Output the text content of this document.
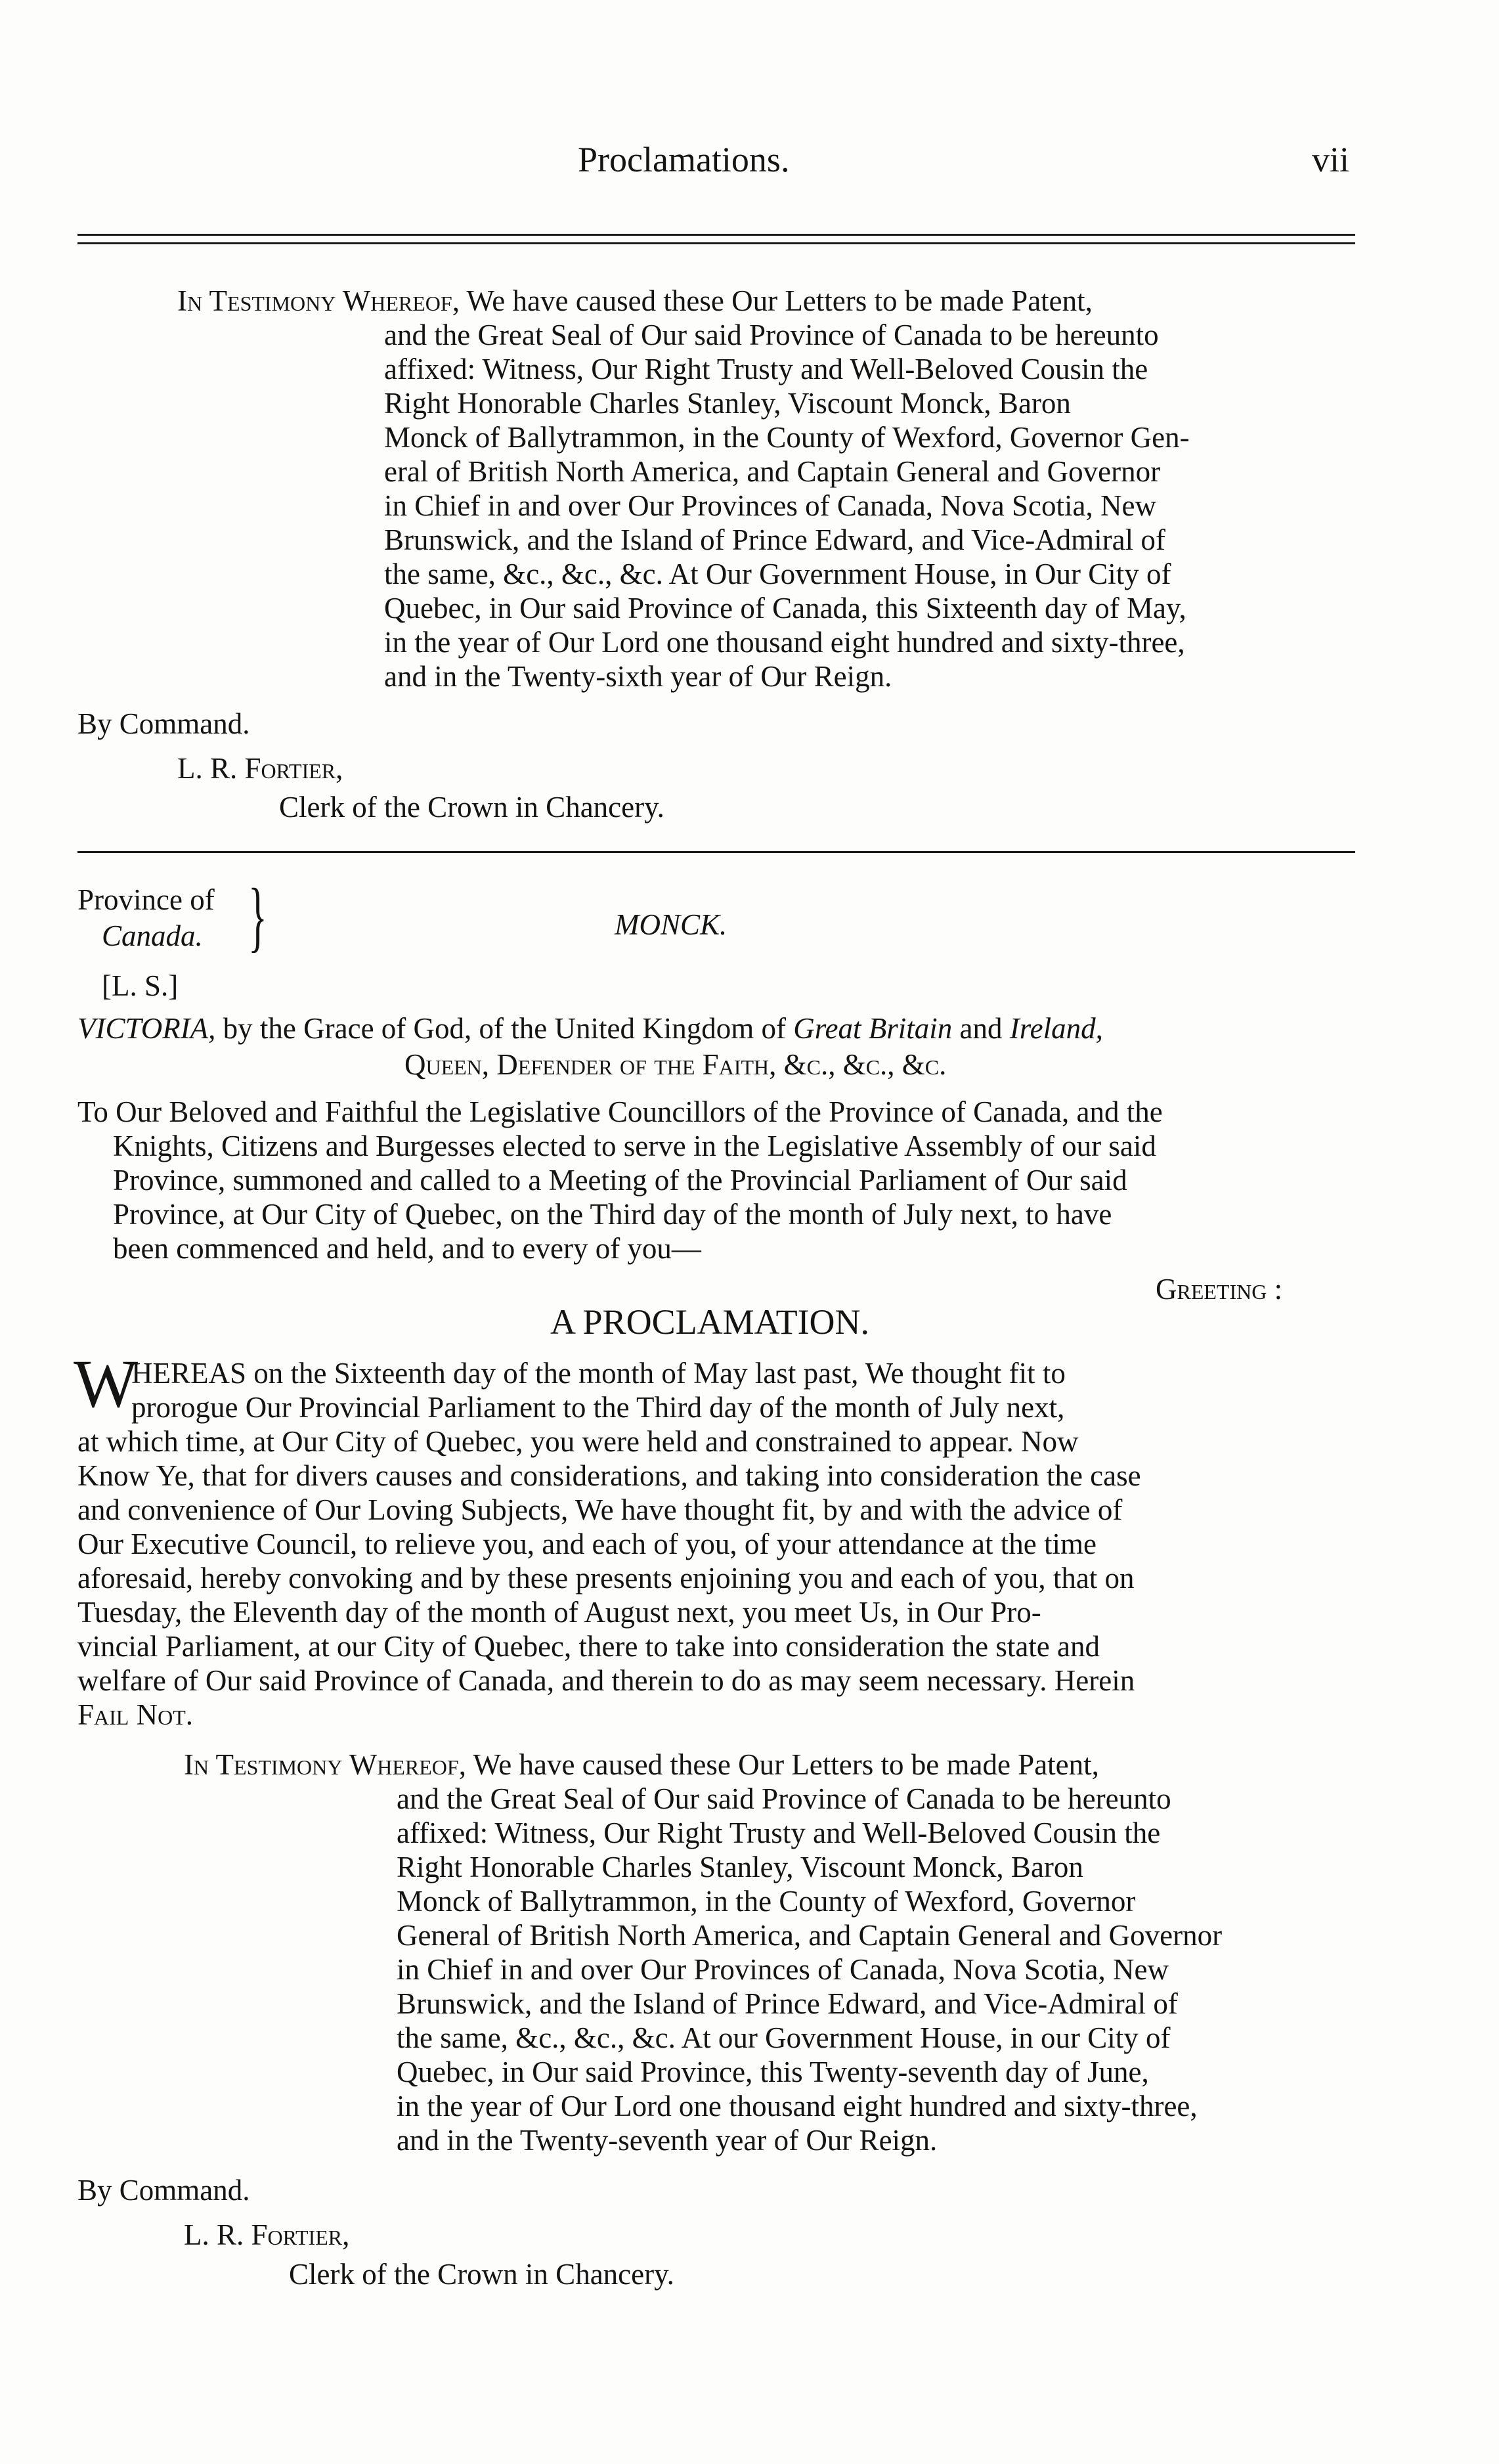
Proclamations.	vii
In Testimony Whereof, We have caused these Our Letters to be made Patent,
and the Great Seal of Our said Province of Canada to be hereunto
affixed: Witness, Our Right Trusty and Well-Beloved Cousin the
Right Honorable Charles Stanley, Viscount Monck, Baron
Monck of Ballytrammon, in the County of Wexford, Governor Gen-
eral of British North America, and Captain General and Governor
in Chief in and over Our Provinces of Canada, Nova Scotia, New
Brunswick, and the Island of Prince Edward, and Vice-Admiral of
the same, &c., &c., &c. At Our Government House, in Our City of
Quebec, in Our said Province of Canada, this Sixteenth day of May,
in the year of Our Lord one thousand eight hundred and sixty-three,
and in the Twenty-sixth year of Our Reign.
By Command.
L. R. Fortier,
Clerk of the Crown in Chancery.
Province of
Canada. }	MONCK.
[L. S.]
VICTORIA, by the Grace of God, of the United Kingdom of Great Britain and Ireland,
Queen, Defender of the Faith, &c., &c., &c.
To Our Beloved and Faithful the Legislative Councillors of the Province of Canada, and the
Knights, Citizens and Burgesses elected to serve in the Legislative Assembly of our said
Province, summoned and called to a Meeting of the Provincial Parliament of Our said
Province, at Our City of Quebec, on the Third day of the month of July next, to have
been commenced and held, and to every of you—
Greeting :
A PROCLAMATION.
W
HEREAS on the Sixteenth day of the month of May last past, We thought fit to
prorogue Our Provincial Parliament to the Third day of the month of July next,
at which time, at Our City of Quebec, you were held and constrained to appear. Now
Know Ye, that for divers causes and considerations, and taking into consideration the case
and convenience of Our Loving Subjects, We have thought fit, by and with the advice of
Our Executive Council, to relieve you, and each of you, of your attendance at the time
aforesaid, hereby convoking and by these presents enjoining you and each of you, that on
Tuesday, the Eleventh day of the month of August next, you meet Us, in Our Pro-
vincial Parliament, at our City of Quebec, there to take into consideration the state and
welfare of Our said Province of Canada, and therein to do as may seem necessary. Herein
Fail Not.
In Testimony Whereof, We have caused these Our Letters to be made Patent,
and the Great Seal of Our said Province of Canada to be hereunto
affixed: Witness, Our Right Trusty and Well-Beloved Cousin the
Right Honorable Charles Stanley, Viscount Monck, Baron
Monck of Ballytrammon, in the County of Wexford, Governor
General of British North America, and Captain General and Governor
in Chief in and over Our Provinces of Canada, Nova Scotia, New
Brunswick, and the Island of Prince Edward, and Vice-Admiral of
the same, &c., &c., &c. At our Government House, in our City of
Quebec, in Our said Province, this Twenty-seventh day of June,
in the year of Our Lord one thousand eight hundred and sixty-three,
and in the Twenty-seventh year of Our Reign.
By Command.
L. R. Fortier,
Clerk of the Crown in Chancery.
